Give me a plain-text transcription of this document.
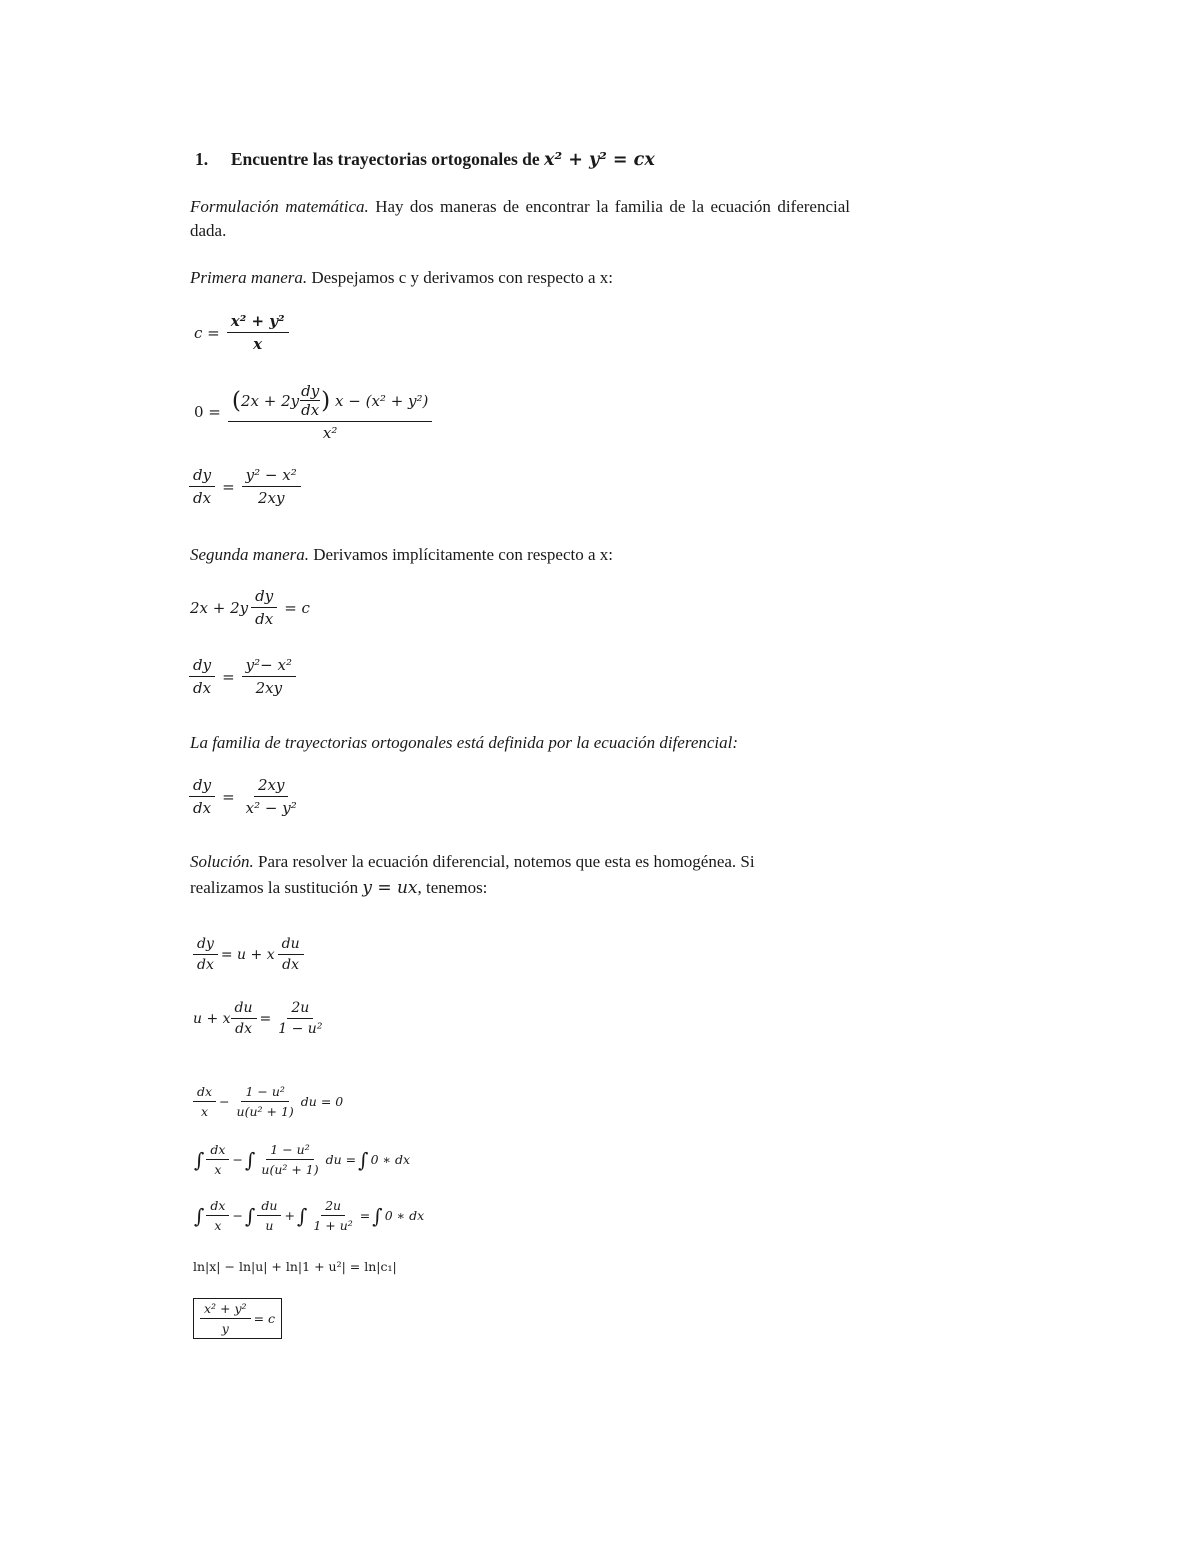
1. Encuentre las trayectorias ortogonales de x² + y² = cx
Formulación matemática. Hay dos maneras de encontrar la familia de la ecuación diferencial dada.
Primera manera. Despejamos c y derivamos con respecto a x:
$c = \frac{\text{x² + y²}}{x}$
0 = ( $2x + 2y \frac{dy}{dx}$ )
x − (x² + y²)
x²
$\frac{dy}{dx} = \frac{\text{y² − x²}}{2xy}$
Segunda manera. Derivamos implícitamente con respecto a x:
$2x + 2y \frac{dy}{dx} = c$
$\frac{dy}{dx} = \frac{\text{y²− x²}}{2xy}$
La familia de trayectorias ortogonales está definida por la ecuación diferencial:
$\frac{dy}{dx} = \frac{2xy}{\text{x² − y²}}$
Solución. Para resolver la ecuación diferencial, notemos que esta es homogénea. Si
realizamos la sustitución y = ux, tenemos:
$\frac{dy}{dx} = u + x \frac{du}{dx}$
u + x $\frac{du}{dx} = \frac{2u}{\text{1 − u²}}$
$\frac{dx}{x} - \frac{\text{1 − u²}}{\text{u(u² + 1)}}$ du = 0
∫ $\frac{dx}{x}$ − ∫ $\frac{\text{1 − u²}}{\text{u(u² + 1)}}$ du = ∫ 0 ∗ dx
∫ $\frac{dx}{x}$ − ∫ $\frac{du}{u}$ + ∫ $\frac{2u}{\text{1 + u²}}$ = ∫ 0 ∗ dx
ln|x| − ln|u| + ln|1 + u²| = ln|c₁|
$\frac{\text{x² + y²}}{y} = c$
